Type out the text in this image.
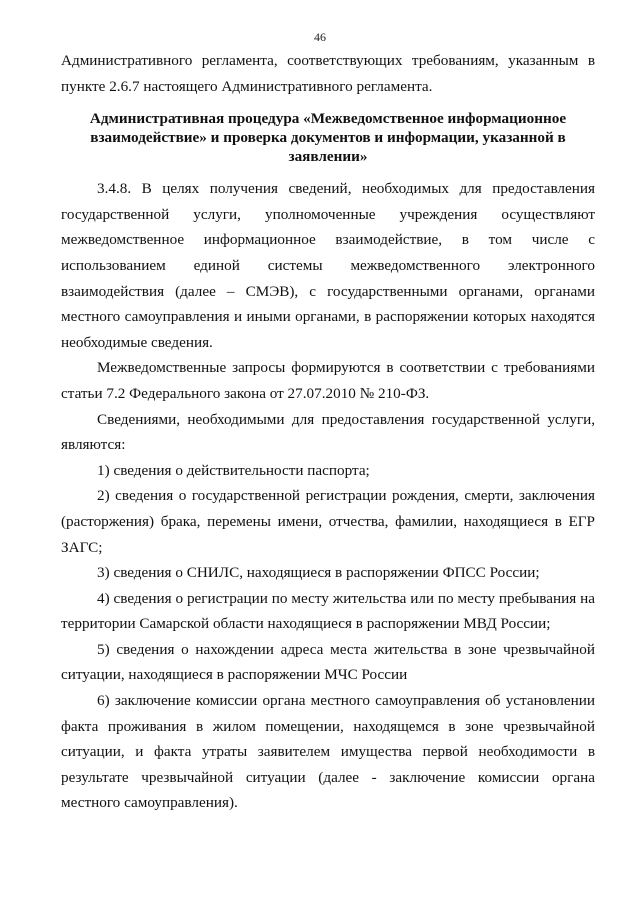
46

Административного регламента, соответствующих требованиям, указанным в пункте 2.6.7 настоящего Административного регламента.

Административная процедура «Межведомственное информационное взаимодействие» и проверка документов и информации, указанной в заявлении»

3.4.8. В целях получения сведений, необходимых для предоставления государственной услуги, уполномоченные учреждения осуществляют межведомственное информационное взаимодействие, в том числе с использованием единой системы межведомственного электронного взаимодействия (далее – СМЭВ), с государственными органами, органами местного самоуправления и иными органами, в распоряжении которых находятся необходимые сведения.

Межведомственные запросы формируются в соответствии с требованиями статьи 7.2 Федерального закона от 27.07.2010 № 210-ФЗ.

Сведениями, необходимыми для предоставления государственной услуги, являются:

1) сведения о действительности паспорта;

2) сведения о государственной регистрации рождения, смерти, заключения (расторжения) брака, перемены имени, отчества, фамилии, находящиеся в ЕГР ЗАГС;

3) сведения о СНИЛС, находящиеся в распоряжении ФПСС России;

4) сведения о регистрации по месту жительства или по месту пребывания на территории Самарской области находящиеся в распоряжении МВД России;

5) сведения о нахождении адреса места жительства в зоне чрезвычайной ситуации, находящиеся в распоряжении МЧС России

6) заключение комиссии органа местного самоуправления об установлении факта проживания в жилом помещении, находящемся в зоне чрезвычайной ситуации, и факта утраты заявителем имущества первой необходимости в результате чрезвычайной ситуации (далее - заключение комиссии органа местного самоуправления).
